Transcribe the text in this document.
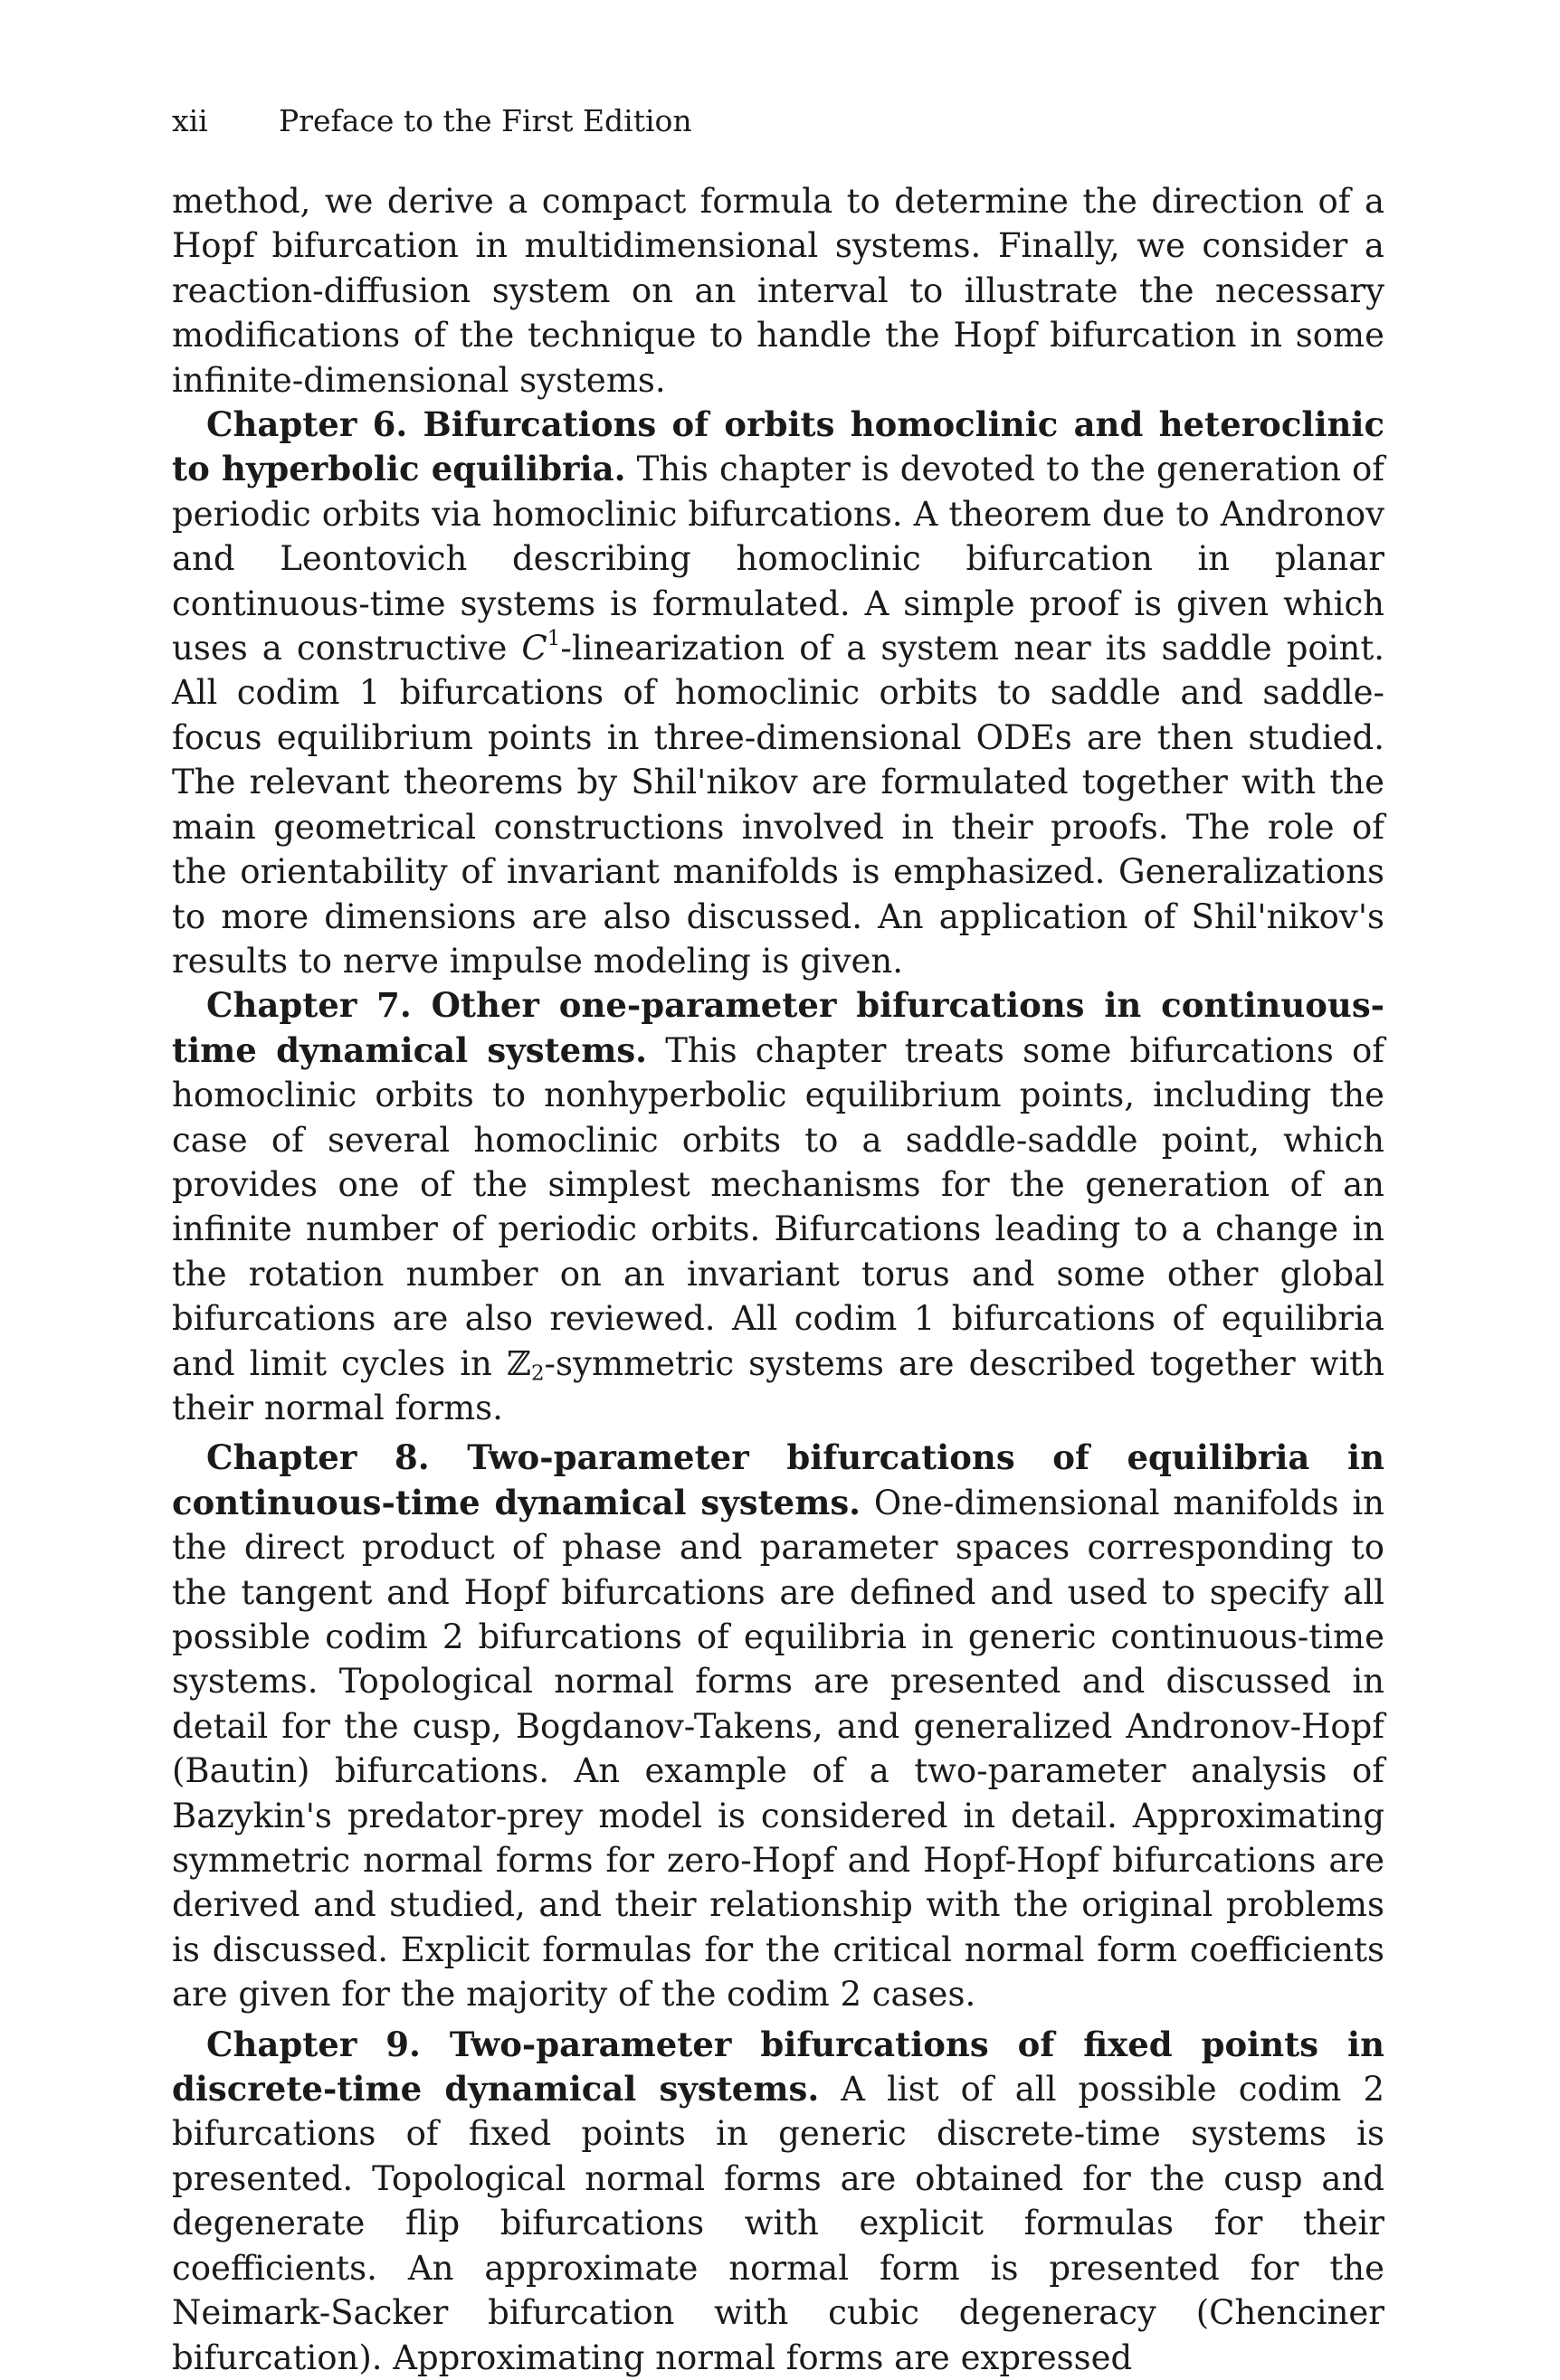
xii Preface to the First Edition

method, we derive a compact formula to determine the direction of a Hopf bifurcation in multidimensional systems. Finally, we consider a reaction-diffusion system on an interval to illustrate the necessary modifications of the technique to handle the Hopf bifurcation in some infinite-dimensional systems.

Chapter 6. Bifurcations of orbits homoclinic and heteroclinic to hyperbolic equilibria. This chapter is devoted to the generation of periodic orbits via homoclinic bifurcations. A theorem due to Andronov and Leontovich describing homoclinic bifurcation in planar continuous-time systems is formulated. A simple proof is given which uses a constructive $C^1$-linearization of a system near its saddle point. All codim 1 bifurcations of homoclinic orbits to saddle and saddle-focus equilibrium points in three-dimensional ODEs are then studied. The relevant theorems by Shil'nikov are formulated together with the main geometrical constructions involved in their proofs. The role of the orientability of invariant manifolds is emphasized. Generalizations to more dimensions are also discussed. An application of Shil'nikov's results to nerve impulse modeling is given.

Chapter 7. Other one-parameter bifurcations in continuous-time dynamical systems. This chapter treats some bifurcations of homoclinic orbits to nonhyperbolic equilibrium points, including the case of several homoclinic orbits to a saddle-saddle point, which provides one of the simplest mechanisms for the generation of an infinite number of periodic orbits. Bifurcations leading to a change in the rotation number on an invariant torus and some other global bifurcations are also reviewed. All codim 1 bifurcations of equilibria and limit cycles in ℤ$_2$-symmetric systems are described together with their normal forms.

Chapter 8. Two-parameter bifurcations of equilibria in continuous-time dynamical systems. One-dimensional manifolds in the direct product of phase and parameter spaces corresponding to the tangent and Hopf bifurcations are defined and used to specify all possible codim 2 bifurcations of equilibria in generic continuous-time systems. Topological normal forms are presented and discussed in detail for the cusp, Bogdanov-Takens, and generalized Andronov-Hopf (Bautin) bifurcations. An example of a two-parameter analysis of Bazykin's predator-prey model is considered in detail. Approximating symmetric normal forms for zero-Hopf and Hopf-Hopf bifurcations are derived and studied, and their relationship with the original problems is discussed. Explicit formulas for the critical normal form coefficients are given for the majority of the codim 2 cases.

Chapter 9. Two-parameter bifurcations of fixed points in discrete-time dynamical systems. A list of all possible codim 2 bifurcations of fixed points in generic discrete-time systems is presented. Topological normal forms are obtained for the cusp and degenerate flip bifurcations with explicit formulas for their coefficients. An approximate normal form is presented for the Neimark-Sacker bifurcation with cubic degeneracy (Chenciner bifurcation). Approximating normal forms are expressed
